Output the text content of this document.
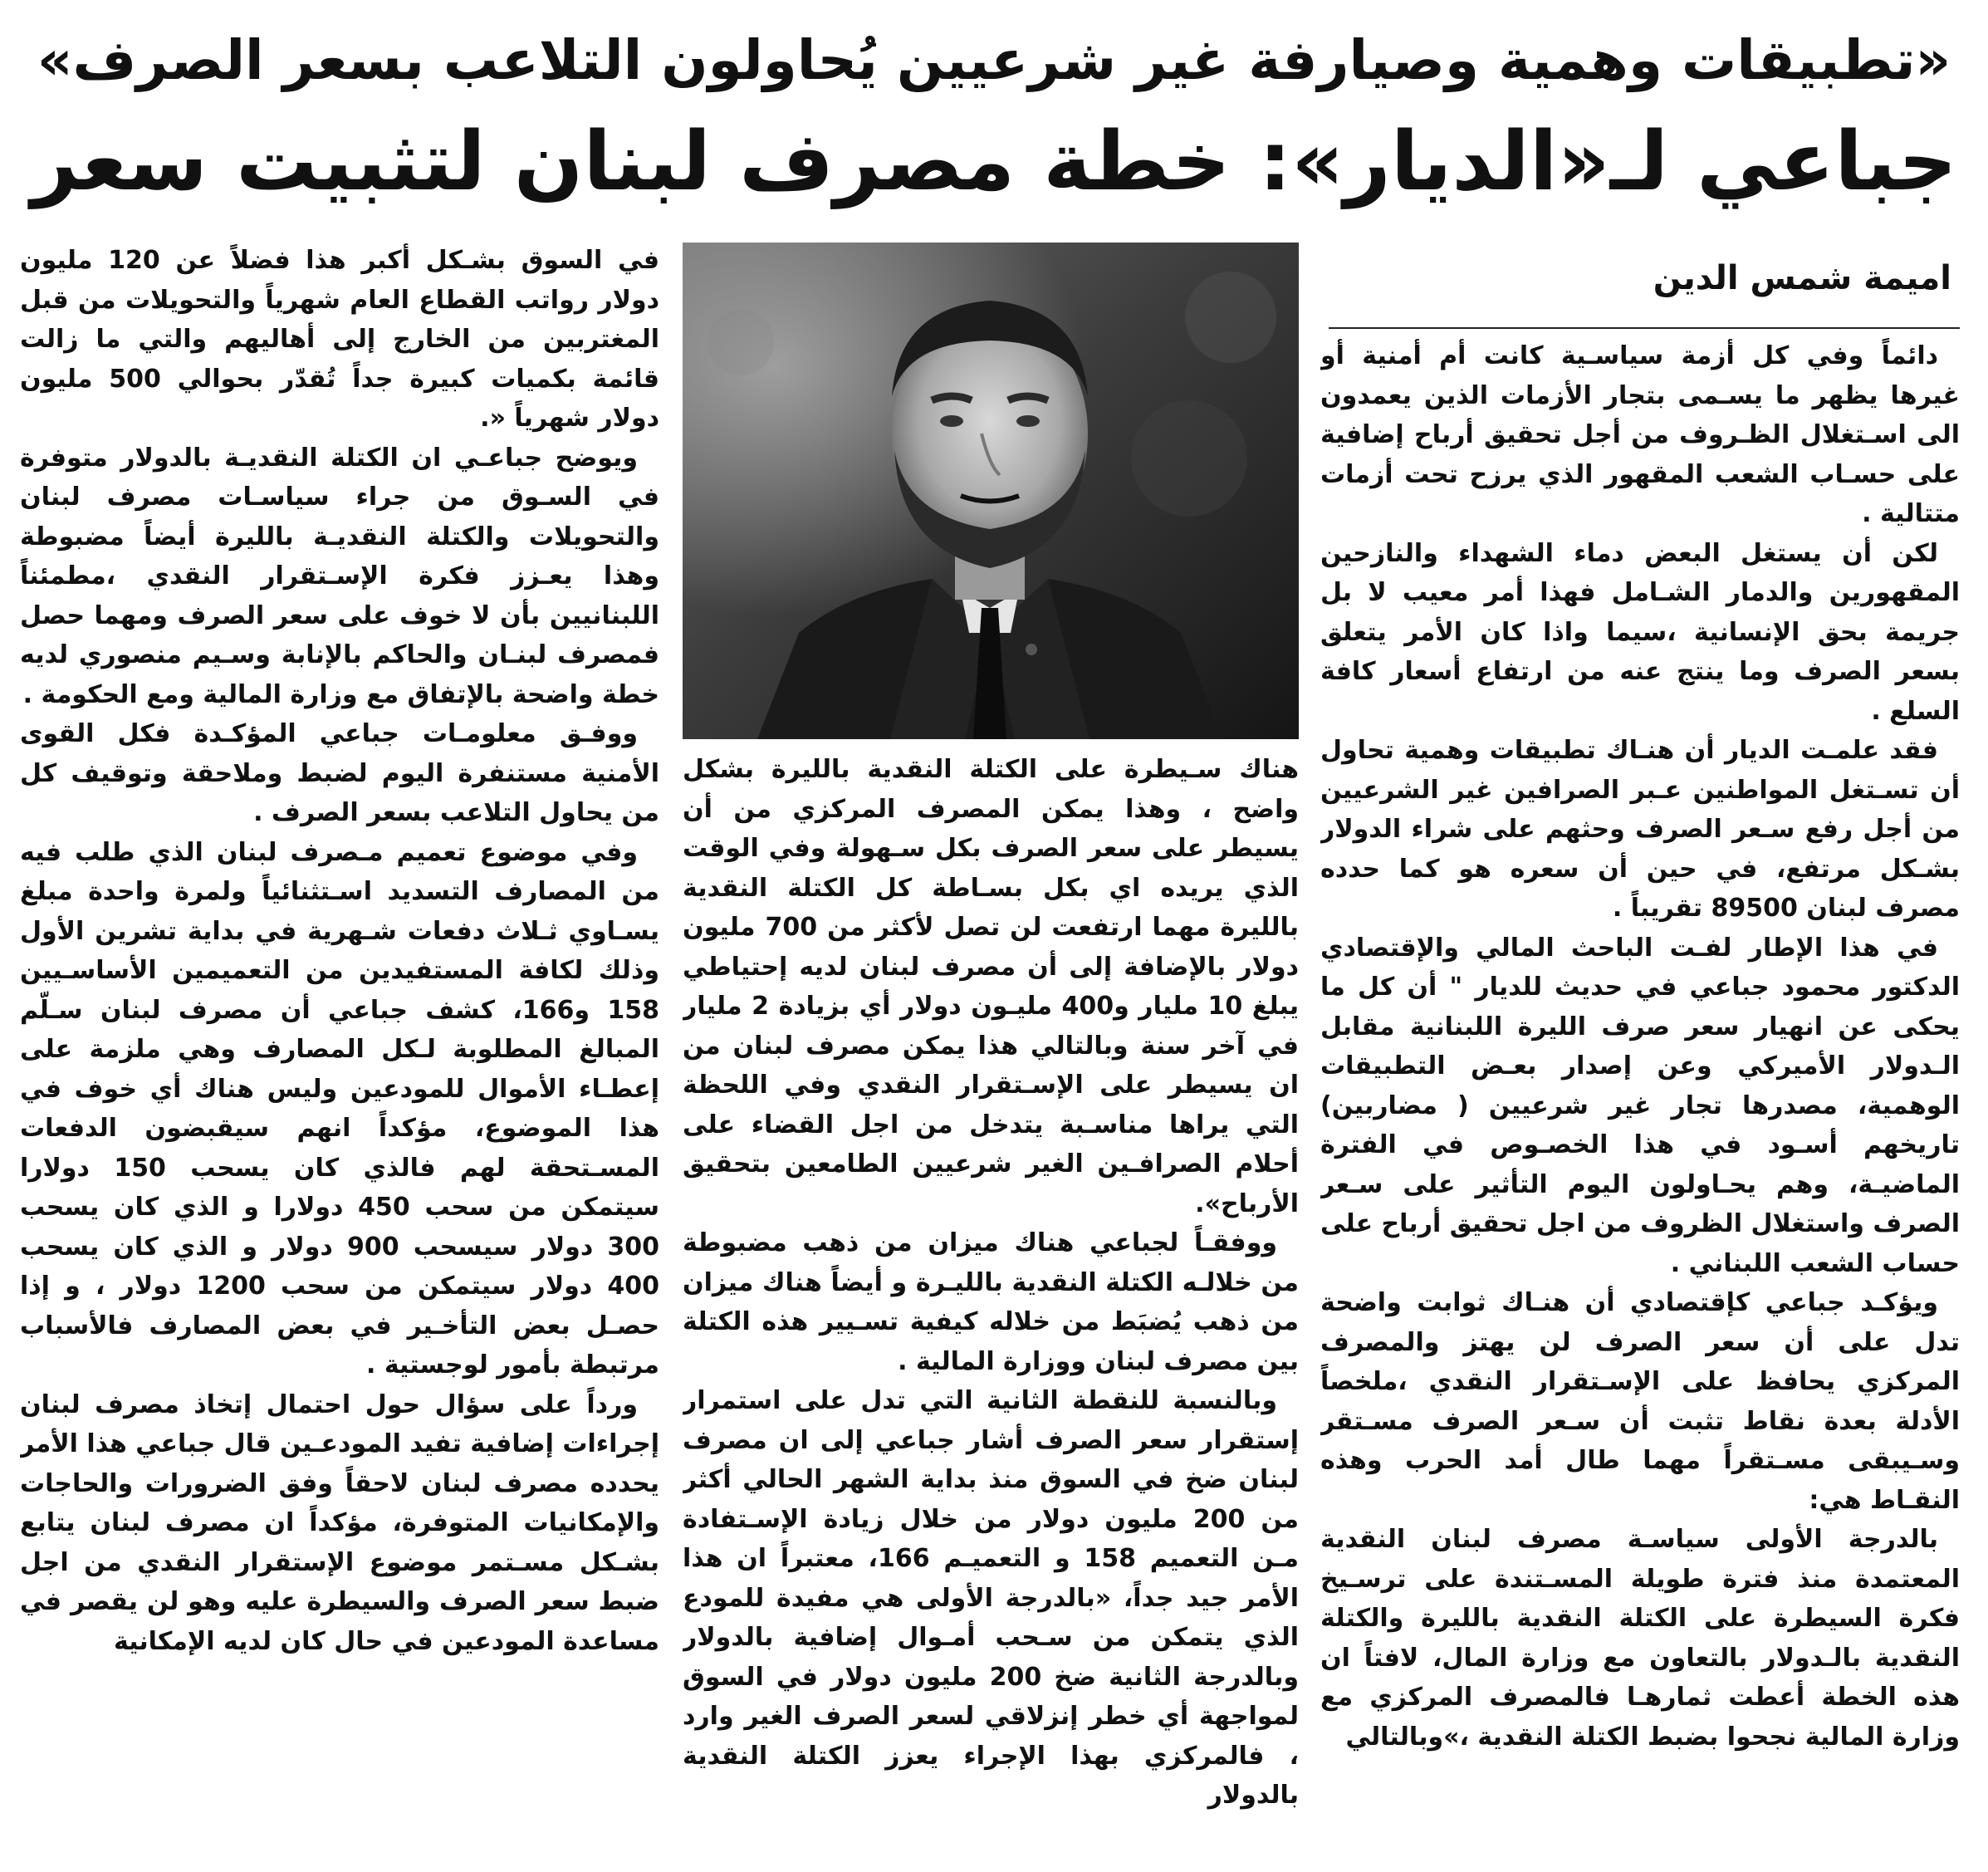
«تطبيقات وهمية وصيارفة غير شرعيين يُحاولون التلاعب بسعر الصرف»
جباعي لـ«الديار»: خطة مصرف لبنان لتثبيت سعر
اميمة شمس الدين

دائماً وفي كل أزمة سياسـية كانت أم أمنية أو غيرها يظهر ما يسـمى بتجار الأزمات الذين يعمدون الى اسـتغلال الظـروف من أجل تحقيق أرباح إضافية على حسـاب الشعب المقهور الذي يرزح تحت أزمات متتالية .

لكن أن يستغل البعض دماء الشهداء والنازحين المقهورين والدمار الشـامل فهذا أمر معيب لا بل جريمة بحق الإنسانية ،سيما واذا كان الأمر يتعلق بسعر الصرف وما ينتج عنه من ارتفاع أسعار كافة السلع .

فقد علمـت الديار أن هنـاك تطبيقات وهمية تحاول أن تسـتغل المواطنين عـبر الصرافين غير الشرعيين من أجل رفع سـعر الصرف وحثهم على شراء الدولار بشـكل مرتفع، في حين أن سعره هو كما حدده مصرف لبنان 89500 تقريباً .

في هذا الإطار لفـت الباحث المالي والإقتصادي الدكتور محمود جباعي في حديث للديار " أن كل ما يحكى عن انهيار سعر صرف الليرة اللبنانية مقابل الـدولار الأميركي وعن إصدار بعـض التطبيقات الوهمية، مصدرها تجار غير شرعيين ( مضاربين) تاريخهم أسـود في هذا الخصـوص في الفترة الماضيـة، وهم يحـاولون اليوم التأثير على سـعر الصرف واستغلال الظروف من اجل تحقيق أرباح على حساب الشعب اللبناني .

ويؤكـد جباعي كإقتصادي أن هنـاك ثوابت واضحة تدل على أن سعر الصرف لن يهتز والمصرف المركزي يحافظ على الإسـتقرار النقدي ،ملخصاً الأدلة بعدة نقاط تثبت أن سـعر الصرف مسـتقر وسـيبقى مسـتقراً مهما طال أمد الحرب وهذه النقـاط هي:

بالدرجة الأولى سياسـة مصرف لبنان النقدية المعتمدة منذ فترة طويلة المسـتندة على ترسـيخ فكرة السيطرة على الكتلة النقدية بالليرة والكتلة النقدية بالـدولار بالتعاون مع وزارة المال، لافتاً ان هذه الخطة أعطت ثمارهـا فالمصرف المركزي مع وزارة المالية نجحوا بضبط الكتلة النقدية ،»وبالتالي

هناك سـيطرة على الكتلة النقدية بالليرة بشكل واضح ، وهذا يمكن المصرف المركزي من أن يسيطر على سعر الصرف بكل سـهولة وفي الوقت الذي يريده اي بكل بسـاطة كل الكتلة النقدية بالليرة مهما ارتفعت لن تصل لأكثر من 700 مليون دولار بالإضافة إلى أن مصرف لبنان لديه إحتياطي يبلغ 10 مليار و400 مليـون دولار أي بزيادة 2 مليار في آخر سنة وبالتالي هذا يمكن مصرف لبنان من ان يسيطر على الإسـتقرار النقدي وفي اللحظة التي يراها مناسـبة يتدخل من اجل القضاء على أحلام الصرافـين الغير شرعيين الطامعين بتحقيق الأرباح».

ووفقـاً لجباعي هناك ميزان من ذهب مضبوطة من خلالـه الكتلة النقدية بالليـرة و أيضاً هناك ميزان من ذهب يُضبَط من خلاله كيفية تسـيير هذه الكتلة بين مصرف لبنان ووزارة المالية .

وبالنسبة للنقطة الثانية التي تدل على استمرار إستقرار سعر الصرف أشار جباعي إلى ان مصرف لبنان ضخ في السوق منذ بداية الشهر الحالي أكثر من 200 مليون دولار من خلال زيادة الإسـتفادة مـن التعميم 158 و التعميـم 166، معتبراً ان هذا الأمر جيد جداً، «بالدرجة الأولى هي مفيدة للمودع الذي يتمكن من سـحب أمـوال إضافية بالدولار وبالدرجة الثانية ضخ 200 مليون دولار في السوق لمواجهة أي خطر إنزلاقي لسعر الصرف الغير وارد ، فالمركزي بهذا الإجراء يعزز الكتلة النقدية بالدولار

في السوق بشـكل أكبر هذا فضلاً عن 120 مليون دولار رواتب القطاع العام شهرياً والتحويلات من قبل المغتربين من الخارج إلى أهاليهم والتي ما زالت قائمة بكميات كبيرة جداً تُقدّر بحوالي 500 مليون دولار شهرياً «.

ويوضح جباعـي ان الكتلة النقديـة بالدولار متوفرة في السـوق من جراء سياسـات مصرف لبنان والتحويلات والكتلة النقديـة بالليرة أيضاً مضبوطة وهذا يعـزز فكرة الإسـتقرار النقدي ،مطمئناً اللبنانيين بأن لا خوف على سعر الصرف ومهما حصل فمصرف لبنـان والحاكم بالإنابة وسـيم منصوري لديه خطة واضحة بالإتفاق مع وزارة المالية ومع الحكومة .

ووفـق معلومـات جباعي المؤكـدة فكل القوى الأمنية مستنفرة اليوم لضبط وملاحقة وتوقيف كل من يحاول التلاعب بسعر الصرف .

وفي موضوع تعميم مـصرف لبنان الذي طلب فيه من المصارف التسديد اسـتثنائياً ولمرة واحدة مبلغ يسـاوي ثـلاث دفعات شـهرية في بداية تشرين الأول وذلك لكافة المستفيدين من التعميمين الأساسـيين 158 و166، كشف جباعي أن مصرف لبنان سـلّم المبالغ المطلوبة لـكل المصارف وهي ملزمة على إعطـاء الأموال للمودعين وليس هناك أي خوف في هذا الموضوع، مؤكداً انهم سيقبضون الدفعات المسـتحقة لهم فالذي كان يسحب 150 دولارا سيتمكن من سحب 450 دولارا و الذي كان يسحب 300 دولار سيسحب 900 دولار و الذي كان يسحب 400 دولار سيتمكن من سحب 1200 دولار ، و إذا حصـل بعض التأخـير في بعض المصارف فالأسباب مرتبطة بأمور لوجستية .

ورداً على سؤال حول احتمال إتخاذ مصرف لبنان إجراءات إضافية تفيد المودعـين قال جباعي هذا الأمر يحدده مصرف لبنان لاحقاً وفق الضرورات والحاجات والإمكانيات المتوفرة، مؤكداً ان مصرف لبنان يتابع بشـكل مسـتمر موضوع الإستقرار النقدي من اجل ضبط سعر الصرف والسيطرة عليه وهو لن يقصر في مساعدة المودعين في حال كان لديه الإمكانية
